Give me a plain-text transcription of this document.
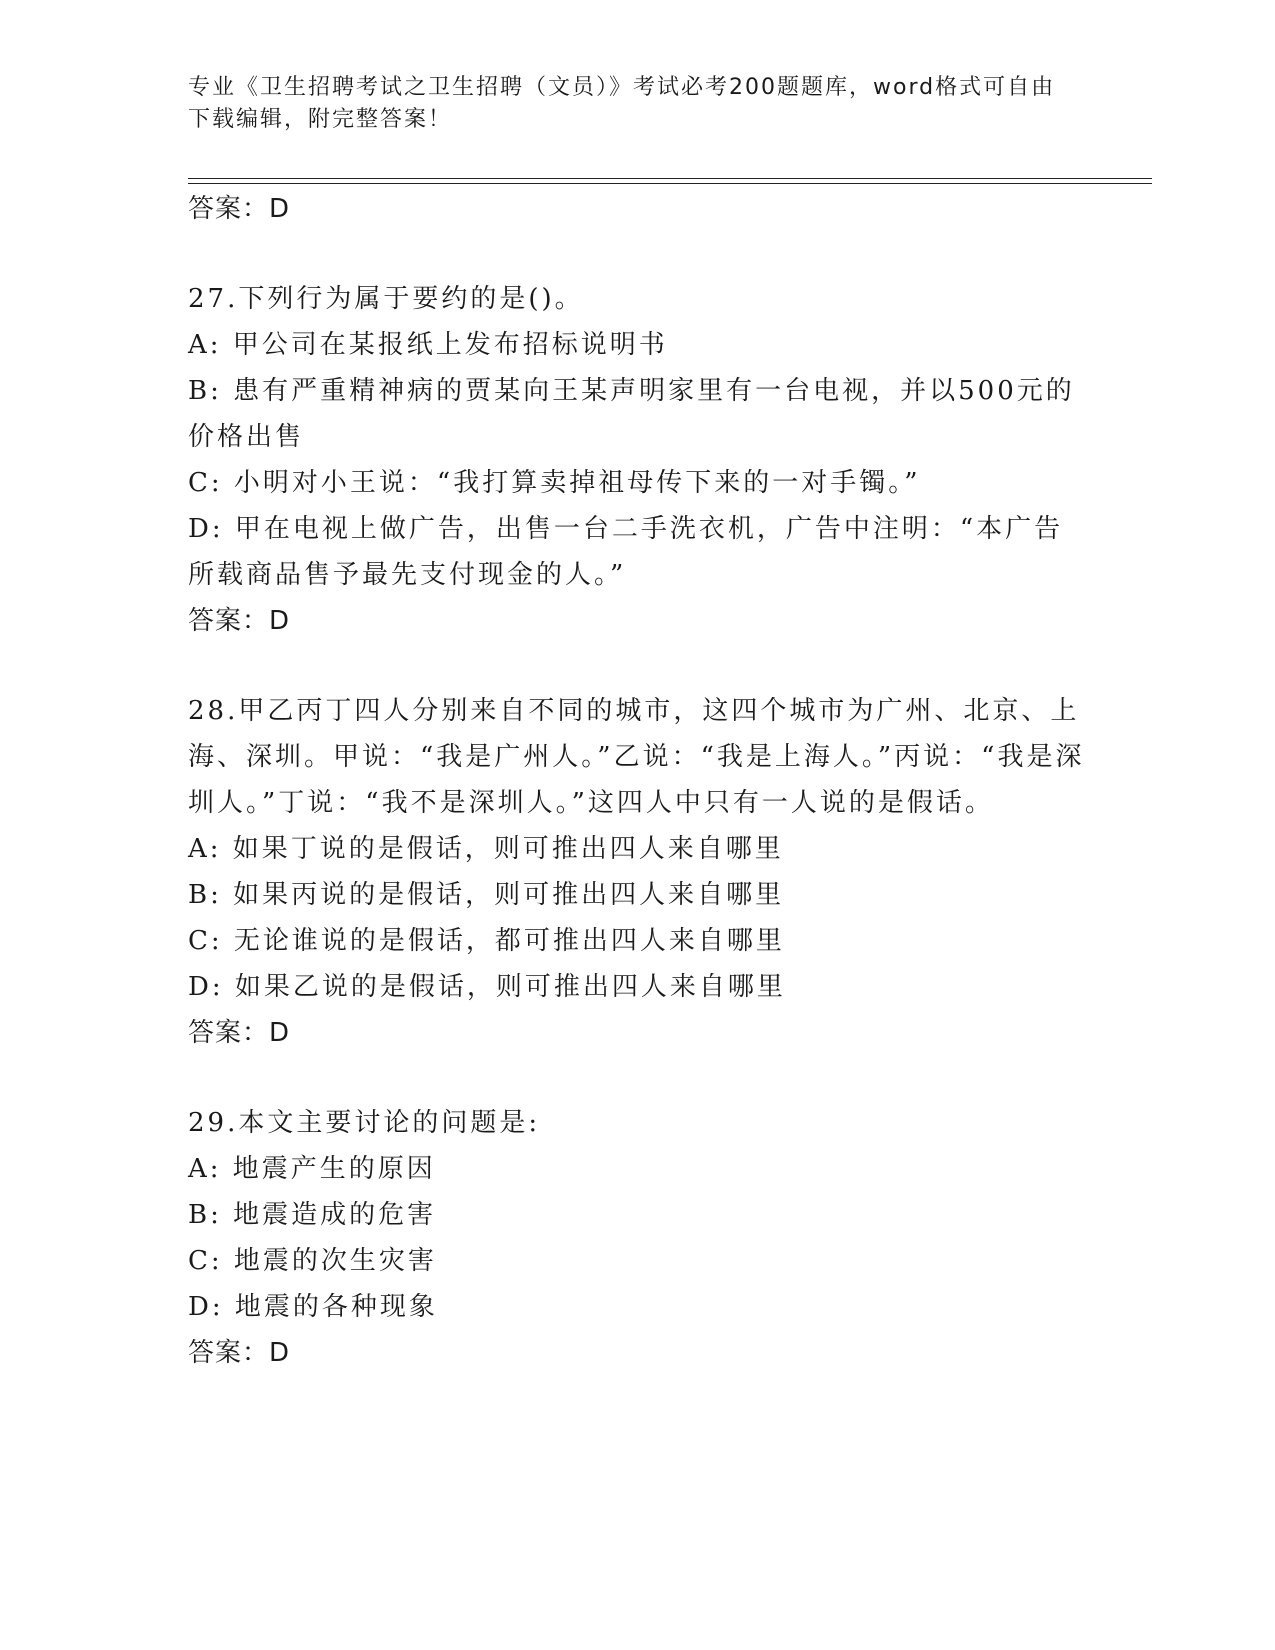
专业《卫生招聘考试之卫生招聘（文员）》考试必考200题题库，word格式可自由下载编辑，附完整答案！
答案：D

27.下列行为属于要约的是()。

A: 甲公司在某报纸上发布招标说明书

B: 患有严重精神病的贾某向王某声明家里有一台电视，并以500元的价格出售

C: 小明对小王说：“我打算卖掉祖母传下来的一对手镯。”

D: 甲在电视上做广告，出售一台二手洗衣机，广告中注明：“本广告所载商品售予最先支付现金的人。”

答案：D

28.甲乙丙丁四人分别来自不同的城市，这四个城市为广州、北京、上海、深圳。甲说：“我是广州人。”乙说：“我是上海人。”丙说：“我是深圳人。”丁说：“我不是深圳人。”这四人中只有一人说的是假话。

A: 如果丁说的是假话，则可推出四人来自哪里

B: 如果丙说的是假话，则可推出四人来自哪里

C: 无论谁说的是假话，都可推出四人来自哪里

D: 如果乙说的是假话，则可推出四人来自哪里

答案：D

29.本文主要讨论的问题是:

A: 地震产生的原因

B: 地震造成的危害

C: 地震的次生灾害

D: 地震的各种现象

答案：D
